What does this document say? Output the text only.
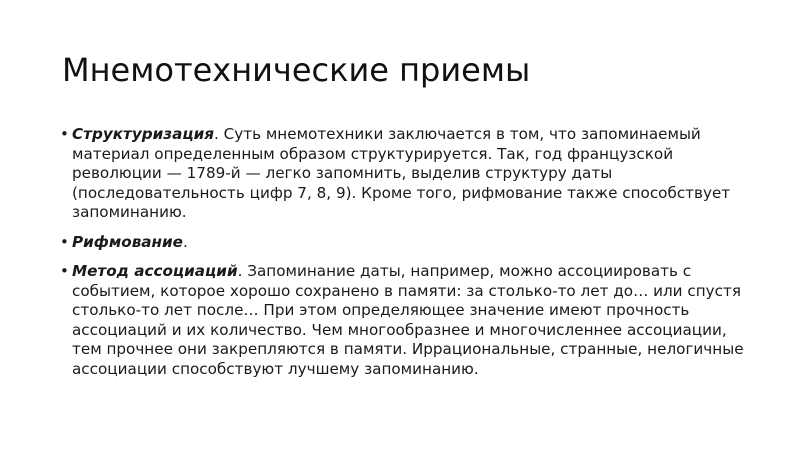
Мнемотехнические приемы
• Структуризация. Суть мнемотехники заключается в том, что запоминаемый материал определенным образом структурируется. Так, год французской революции — 1789-й — легко запомнить, выделив структуру даты (последовательность цифр 7, 8, 9). Кроме того, рифмование также способствует запоминанию.
• Рифмование.
• Метод ассоциаций. Запоминание даты, например, можно ассоциировать с событием, которое хорошо сохранено в памяти: за столько-то лет до… или спустя столько-то лет после… При этом определяющее значение имеют прочность ассоциаций и их количество. Чем многообразнее и многочисленнее ассоциации, тем прочнее они закрепляются в памяти. Иррациональные, странные, нелогичные ассоциации способствуют лучшему запоминанию.
